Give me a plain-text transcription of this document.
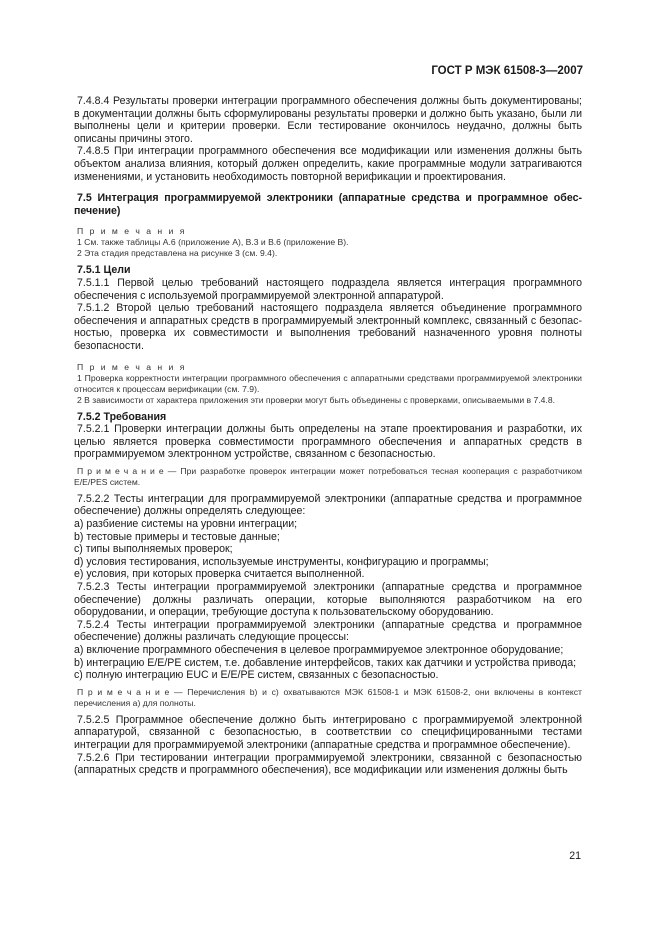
ГОСТ Р МЭК 61508-3—2007

7.4.8.4 Результаты проверки интеграции программного обеспечения должны быть документированы; в документации должны быть сформулированы результаты проверки и должно быть указано, были ли выполнены цели и критерии проверки. Если тестирование окончилось неудачно, должны быть описаны причины этого.

7.4.8.5 При интеграции программного обеспечения все модификации или изменения должны быть объектом анализа влияния, который должен определить, какие программные модули затрагиваются изменениями, и установить необходимость повторной верификации и проектирования.

7.5 Интеграция программируемой электроники (аппаратные средства и программное обеспечение)

П р и м е ч а н и я

1 См. также таблицы А.6 (приложение А), В.3 и В.6 (приложение В).

2 Эта стадия представлена на рисунке 3 (см. 9.4).

7.5.1 Цели

7.5.1.1 Первой целью требований настоящего подраздела является интеграция программного обеспечения с используемой программируемой электронной аппаратурой.

7.5.1.2 Второй целью требований настоящего подраздела является объединение программного обеспечения и аппаратных средств в программируемый электронный комплекс, связанный с безопасностью, проверка их совместимости и выполнения требований назначенного уровня полноты безопасности.

П р и м е ч а н и я

1 Проверка корректности интеграции программного обеспечения с аппаратными средствами программируемой электроники относится к процессам верификации (см. 7.9).

2 В зависимости от характера приложения эти проверки могут быть объединены с проверками, описываемыми в 7.4.8.

7.5.2 Требования

7.5.2.1 Проверки интеграции должны быть определены на этапе проектирования и разработки, их целью является проверка совместимости программного обеспечения и аппаратных средств в программируемом электронном устройстве, связанном с безопасностью.

П р и м е ч а н и е — При разработке проверок интеграции может потребоваться тесная кооперация с разработчиком E/E/PES систем.

7.5.2.2 Тесты интеграции для программируемой электроники (аппаратные средства и программное обеспечение) должны определять следующее:

а) разбиение системы на уровни интеграции;

b) тестовые примеры и тестовые данные;

с) типы выполняемых проверок;

d) условия тестирования, используемые инструменты, конфигурацию и программы;

е) условия, при которых проверка считается выполненной.

7.5.2.3 Тесты интеграции программируемой электроники (аппаратные средства и программное обеспечение) должны различать операции, которые выполняются разработчиком на его оборудовании, и операции, требующие доступа к пользовательскому оборудованию.

7.5.2.4 Тесты интеграции программируемой электроники (аппаратные средства и программное обеспечение) должны различать следующие процессы:

а) включение программного обеспечения в целевое программируемое электронное оборудование;

b) интеграцию E/E/PE систем, т.е. добавление интерфейсов, таких как датчики и устройства привода;

с) полную интеграцию EUC и E/E/PE систем, связанных с безопасностью.

П р и м е ч а н и е — Перечисления b) и с) охватываются МЭК 61508-1 и МЭК 61508-2, они включены в контекст перечисления а) для полноты.

7.5.2.5 Программное обеспечение должно быть интегрировано с программируемой электронной аппаратурой, связанной с безопасностью, в соответствии со специфицированными тестами интеграции для программируемой электроники (аппаратные средства и программное обеспечение).

7.5.2.6 При тестировании интеграции программируемой электроники, связанной с безопасностью (аппаратных средств и программного обеспечения), все модификации или изменения должны быть

21
